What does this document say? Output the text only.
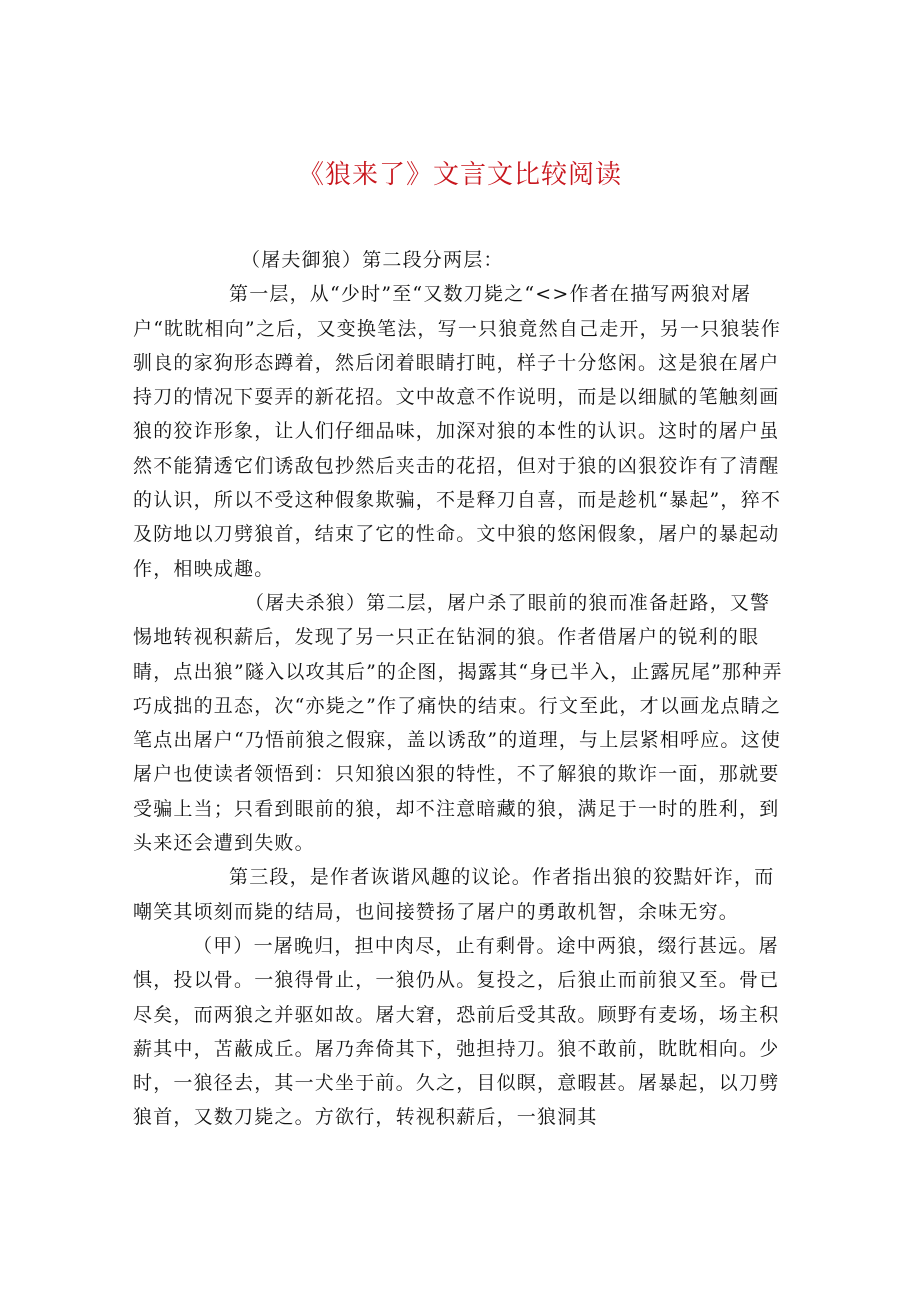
《狼来了》文言文比较阅读

（屠夫御狼）第二段分两层：

第一层，从“少时”至“又数刀毙之“<>作者在描写两狼对屠户“眈眈相向”之后，又变换笔法，写一只狼竟然自己走开，另一只狼装作驯良的家狗形态蹲着，然后闭着眼睛打盹，样子十分悠闲。这是狼在屠户持刀的情况下耍弄的新花招。文中故意不作说明，而是以细腻的笔触刻画狼的狡诈形象，让人们仔细品味，加深对狼的本性的认识。这时的屠户虽然不能猜透它们诱敌包抄然后夹击的花招，但对于狼的凶狠狡诈有了清醒的认识，所以不受这种假象欺骗，不是释刀自喜，而是趁机“暴起”，猝不及防地以刀劈狼首，结束了它的性命。文中狼的悠闲假象，屠户的暴起动作，相映成趣。

（屠夫杀狼）第二层，屠户杀了眼前的狼而准备赶路，又警惕地转视积薪后，发现了另一只正在钻洞的狼。作者借屠户的锐利的眼睛，点出狼”隧入以攻其后”的企图，揭露其“身已半入，止露尻尾”那种弄巧成拙的丑态，次“亦毙之”作了痛快的结束。行文至此，才以画龙点睛之笔点出屠户“乃悟前狼之假寐，盖以诱敌”的道理，与上层紧相呼应。这使屠户也使读者领悟到：只知狼凶狠的特性，不了解狼的欺诈一面，那就要受骗上当；只看到眼前的狼，却不注意暗藏的狼，满足于一时的胜利，到头来还会遭到失败。

第三段，是作者诙谐风趣的议论。作者指出狼的狡黠奸诈，而嘲笑其顷刻而毙的结局，也间接赞扬了屠户的勇敢机智，余味无穷。

（甲）一屠晚归，担中肉尽，止有剩骨。途中两狼，缀行甚远。屠惧，投以骨。一狼得骨止，一狼仍从。复投之，后狼止而前狼又至。骨已尽矣，而两狼之并驱如故。屠大窘，恐前后受其敌。顾野有麦场，场主积薪其中，苫蔽成丘。屠乃奔倚其下，弛担持刀。狼不敢前，眈眈相向。少时，一狼径去，其一犬坐于前。久之，目似瞑，意暇甚。屠暴起，以刀劈狼首，又数刀毙之。方欲行，转视积薪后，一狼洞其
